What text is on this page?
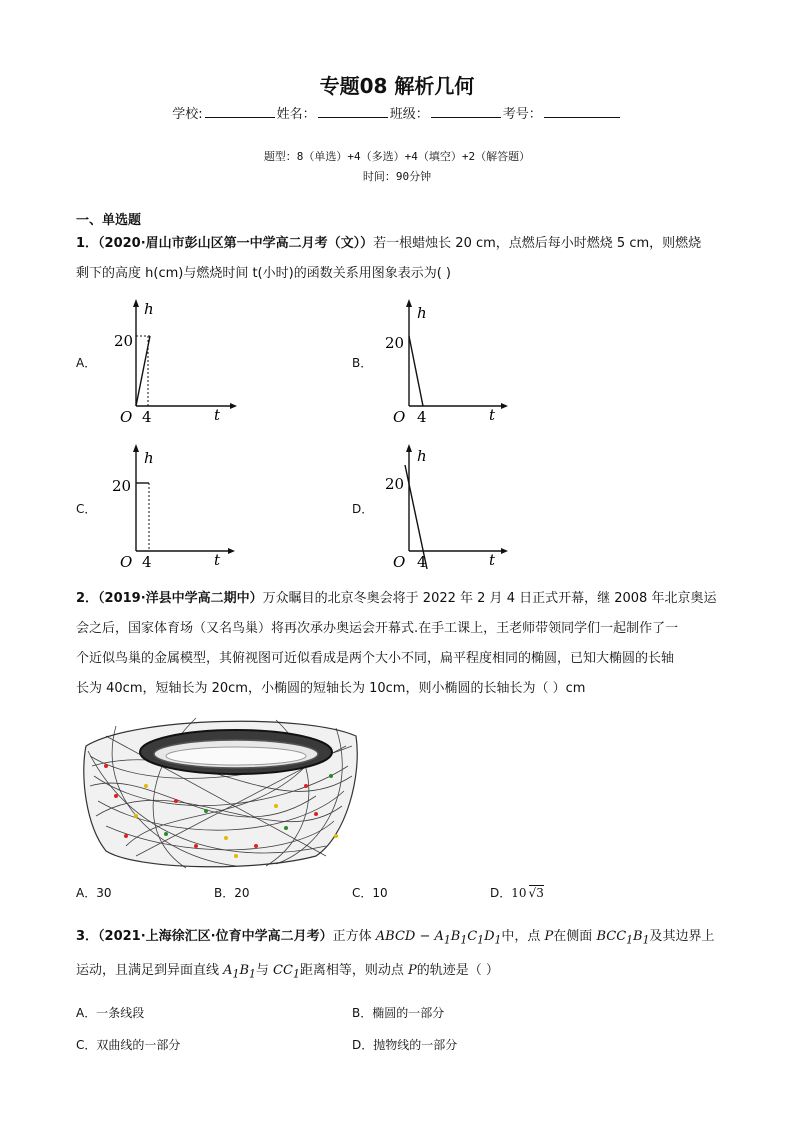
专题08 解析几何
学校:	姓名：	班级：	考号：
题型：8（单选）+4（多选）+4（填空）+2（解答题）
时间：90分钟
一、单选题
1．（2020·眉山市彭山区第一中学高二月考（文））若一根蜡烛长 20 cm，点燃后每小时燃烧 5 cm，则燃烧
剩下的高度 h(cm)与燃烧时间 t(小时)的函数关系用图象表示为( )
A．
h
20
O 4	t
B．
h
20
O 4	t
C．
h
20
O 4	t
D．
h
20
O 4	t
2．（2019·洋县中学高二期中）万众瞩目的北京冬奥会将于 2022 年 2 月 4 日正式开幕，继 2008 年北京奥运
会之后，国家体育场（又名鸟巢）将再次承办奥运会开幕式.在手工课上，王老师带领同学们一起制作了一
个近似鸟巢的金属模型，其俯视图可近似看成是两个大小不同，扁平程度相同的椭圆，已知大椭圆的长轴
长为 40cm，短轴长为 20cm，小椭圆的短轴长为 10cm，则小椭圆的长轴长为（ ）cm
A．30	B．20	C．10	D．10 √3
3．（2021·上海徐汇区·位育中学高二月考）正方体 ABCD − $A_1B_1C_1D_1$中，点 P在侧面 $BCC_1B_1$及其边界上
运动，且满足到异面直线 $A_1B_1$与 $CC_1$距离相等，则动点 P的轨迹是（ ）
A．一条线段	B．椭圆的一部分
C．双曲线的一部分	D．抛物线的一部分
